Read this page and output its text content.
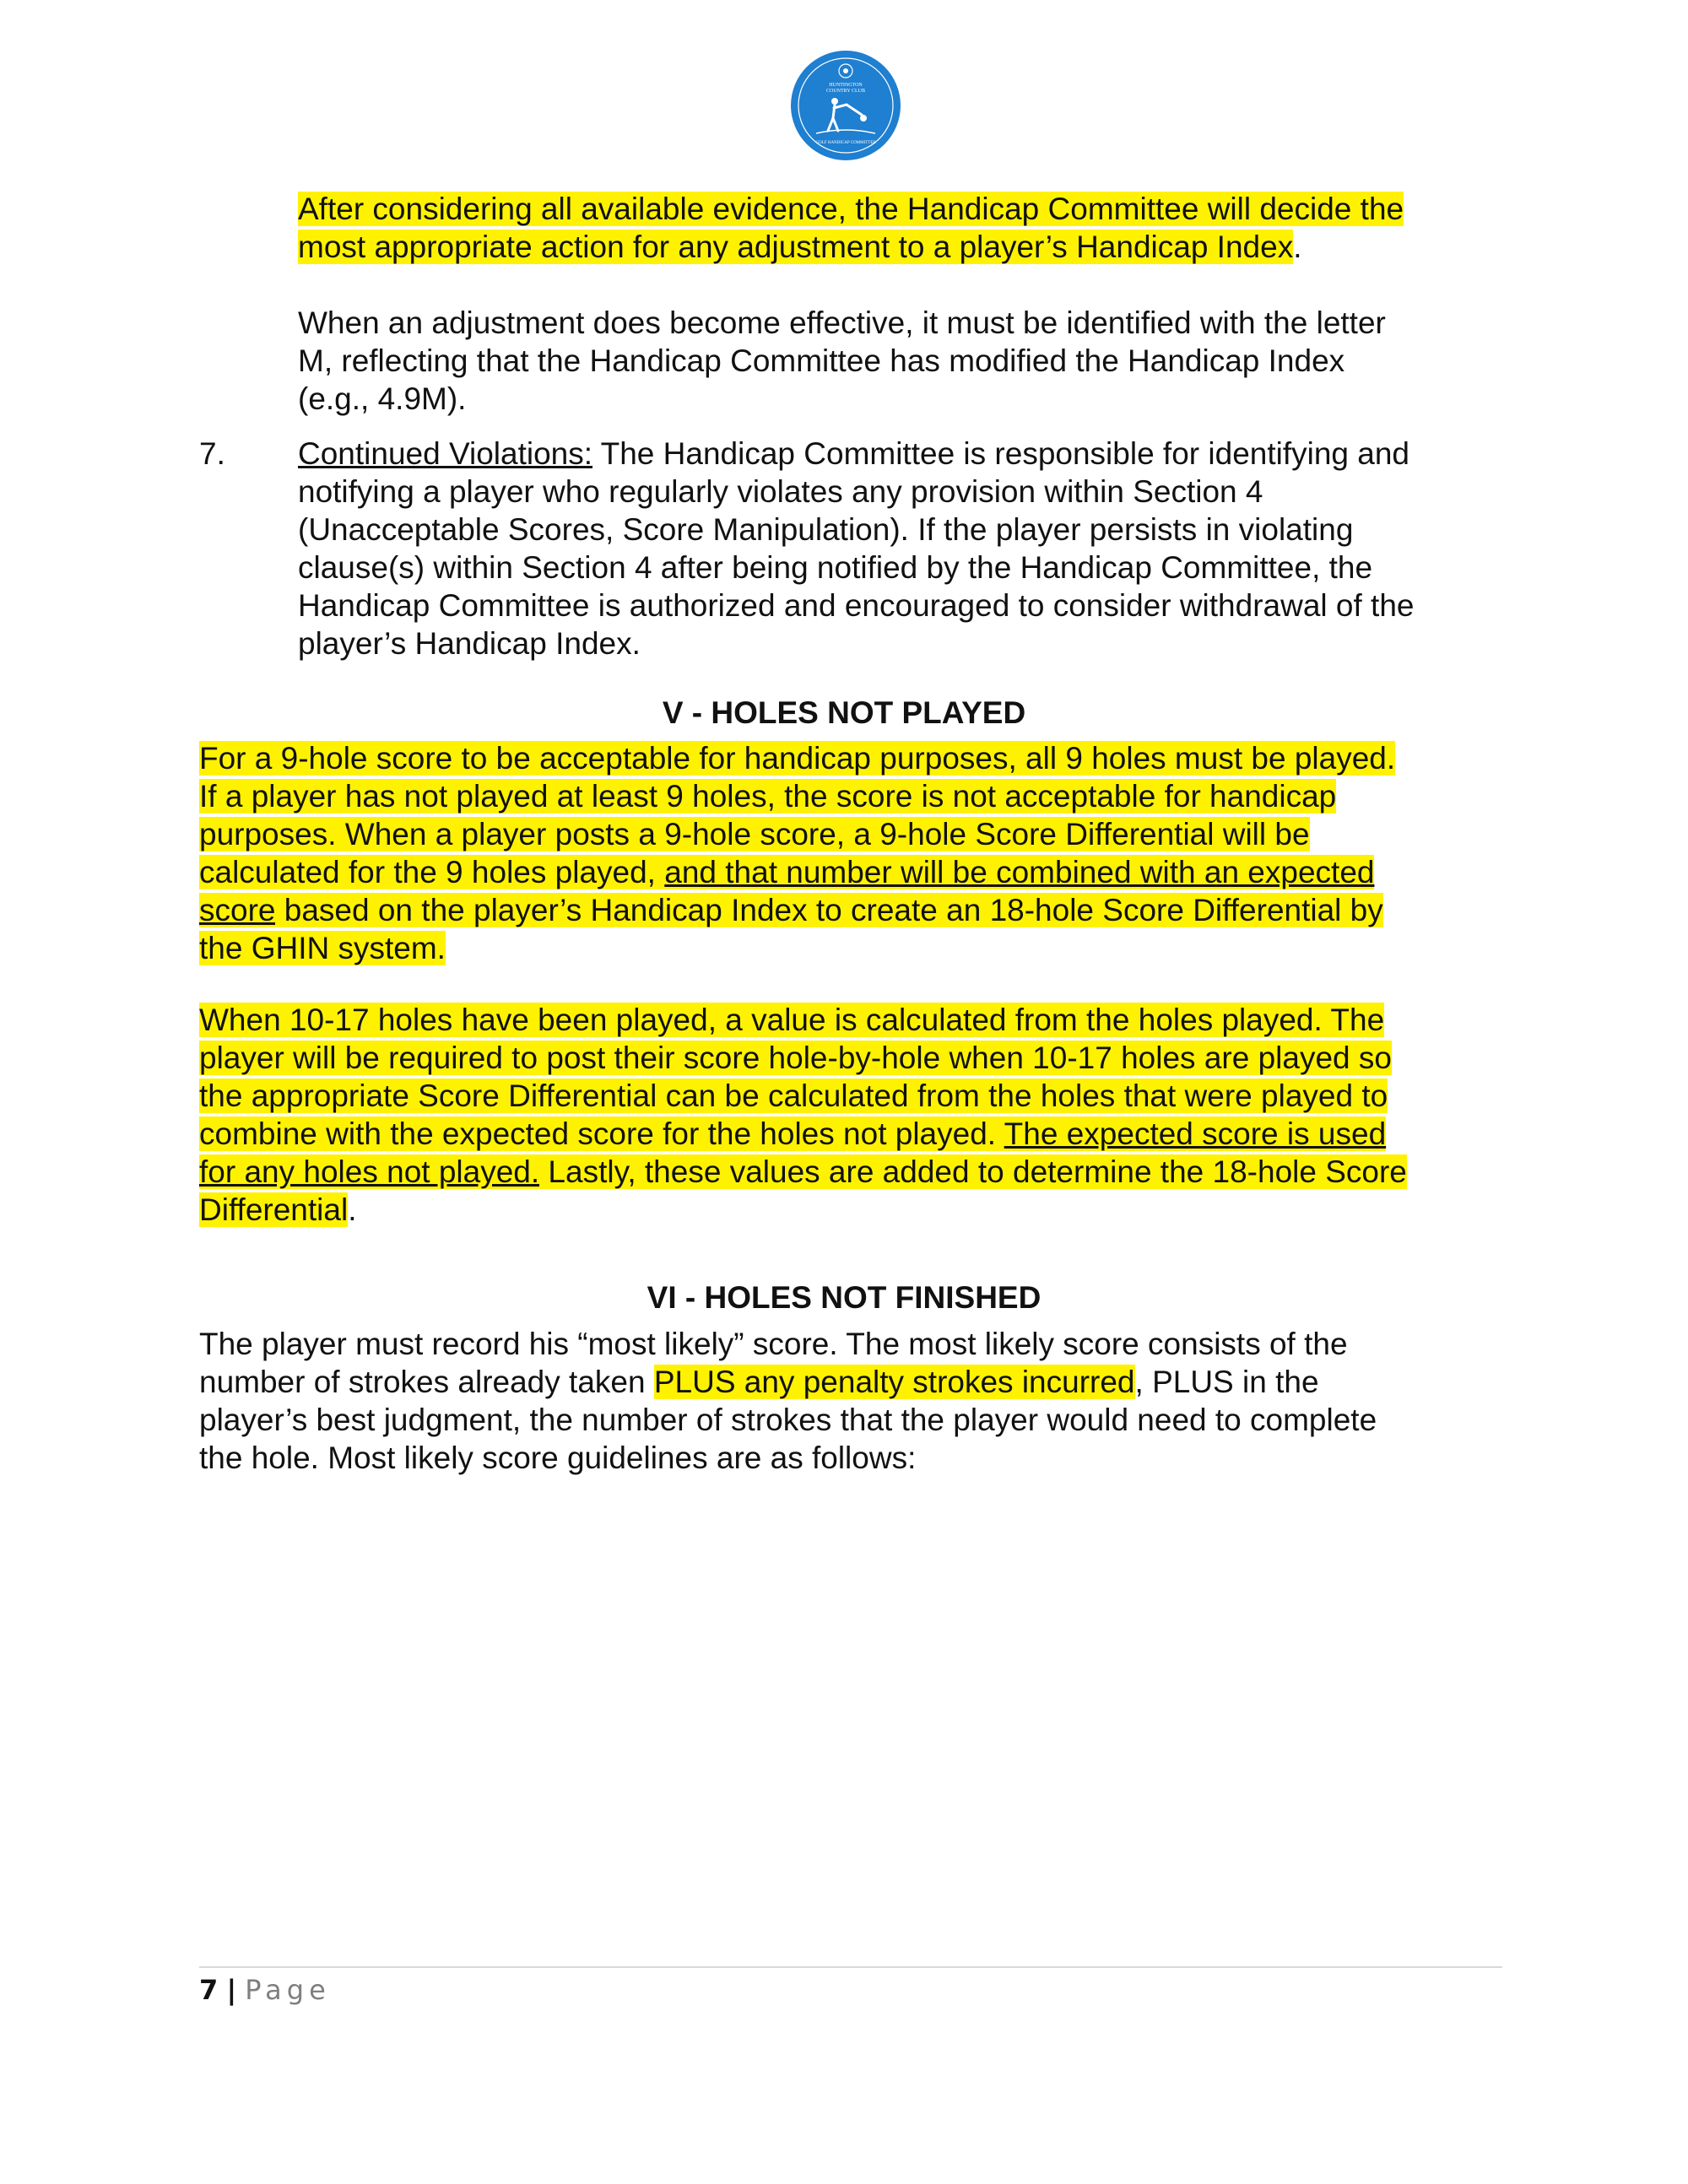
HUNTINGTON
COUNTRY CLUB
GOLF HANDICAP COMMITTEE

After considering all available evidence, the Handicap Committee will decide the
most appropriate action for any adjustment to a player’s Handicap Index.

When an adjustment does become effective, it must be identified with the letter
M, reflecting that the Handicap Committee has modified the Handicap Index
(e.g., 4.9M).

7. Continued Violations: The Handicap Committee is responsible for identifying and
notifying a player who regularly violates any provision within Section 4
(Unacceptable Scores, Score Manipulation). If the player persists in violating
clause(s) within Section 4 after being notified by the Handicap Committee, the
Handicap Committee is authorized and encouraged to consider withdrawal of the
player’s Handicap Index.

V - HOLES NOT PLAYED

For a 9-hole score to be acceptable for handicap purposes, all 9 holes must be played.
If a player has not played at least 9 holes, the score is not acceptable for handicap
purposes. When a player posts a 9-hole score, a 9-hole Score Differential will be
calculated for the 9 holes played, and that number will be combined with an expected
score based on the player’s Handicap Index to create an 18-hole Score Differential by
the GHIN system.

When 10-17 holes have been played, a value is calculated from the holes played. The
player will be required to post their score hole-by-hole when 10-17 holes are played so
the appropriate Score Differential can be calculated from the holes that were played to
combine with the expected score for the holes not played. The expected score is used
for any holes not played. Lastly, these values are added to determine the 18-hole Score
Differential.

VI - HOLES NOT FINISHED

The player must record his “most likely” score. The most likely score consists of the
number of strokes already taken PLUS any penalty strokes incurred, PLUS in the
player’s best judgment, the number of strokes that the player would need to complete
the hole. Most likely score guidelines are as follows:

7 | Page
